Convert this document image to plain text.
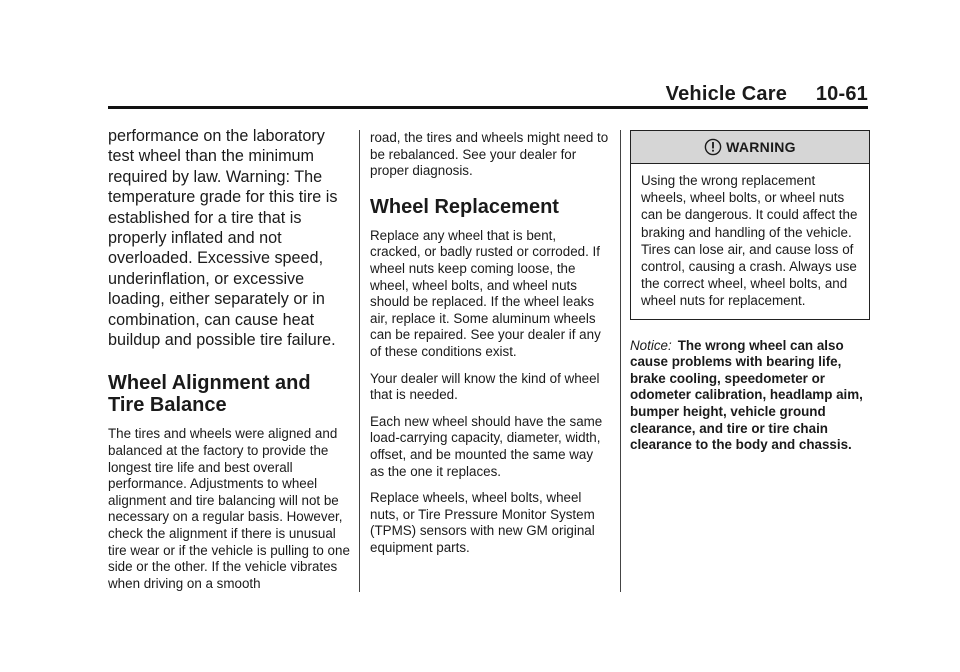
Vehicle Care 10-61

performance on the laboratory test wheel than the minimum required by law. Warning: The temperature grade for this tire is established for a tire that is properly inflated and not overloaded. Excessive speed, underinflation, or excessive loading, either separately or in combination, can cause heat buildup and possible tire failure.

Wheel Alignment and Tire Balance

The tires and wheels were aligned and balanced at the factory to provide the longest tire life and best overall performance. Adjustments to wheel alignment and tire balancing will not be necessary on a regular basis. However, check the alignment if there is unusual tire wear or if the vehicle is pulling to one side or the other. If the vehicle vibrates when driving on a smooth

road, the tires and wheels might need to be rebalanced. See your dealer for proper diagnosis.

Wheel Replacement

Replace any wheel that is bent, cracked, or badly rusted or corroded. If wheel nuts keep coming loose, the wheel, wheel bolts, and wheel nuts should be replaced. If the wheel leaks air, replace it. Some aluminum wheels can be repaired. See your dealer if any of these conditions exist.

Your dealer will know the kind of wheel that is needed.

Each new wheel should have the same load-carrying capacity, diameter, width, offset, and be mounted the same way as the one it replaces.

Replace wheels, wheel bolts, wheel nuts, or Tire Pressure Monitor System (TPMS) sensors with new GM original equipment parts.

WARNING
Using the wrong replacement wheels, wheel bolts, or wheel nuts can be dangerous. It could affect the braking and handling of the vehicle. Tires can lose air, and cause loss of control, causing a crash. Always use the correct wheel, wheel bolts, and wheel nuts for replacement.

Notice: The wrong wheel can also cause problems with bearing life, brake cooling, speedometer or odometer calibration, headlamp aim, bumper height, vehicle ground clearance, and tire or tire chain clearance to the body and chassis.
